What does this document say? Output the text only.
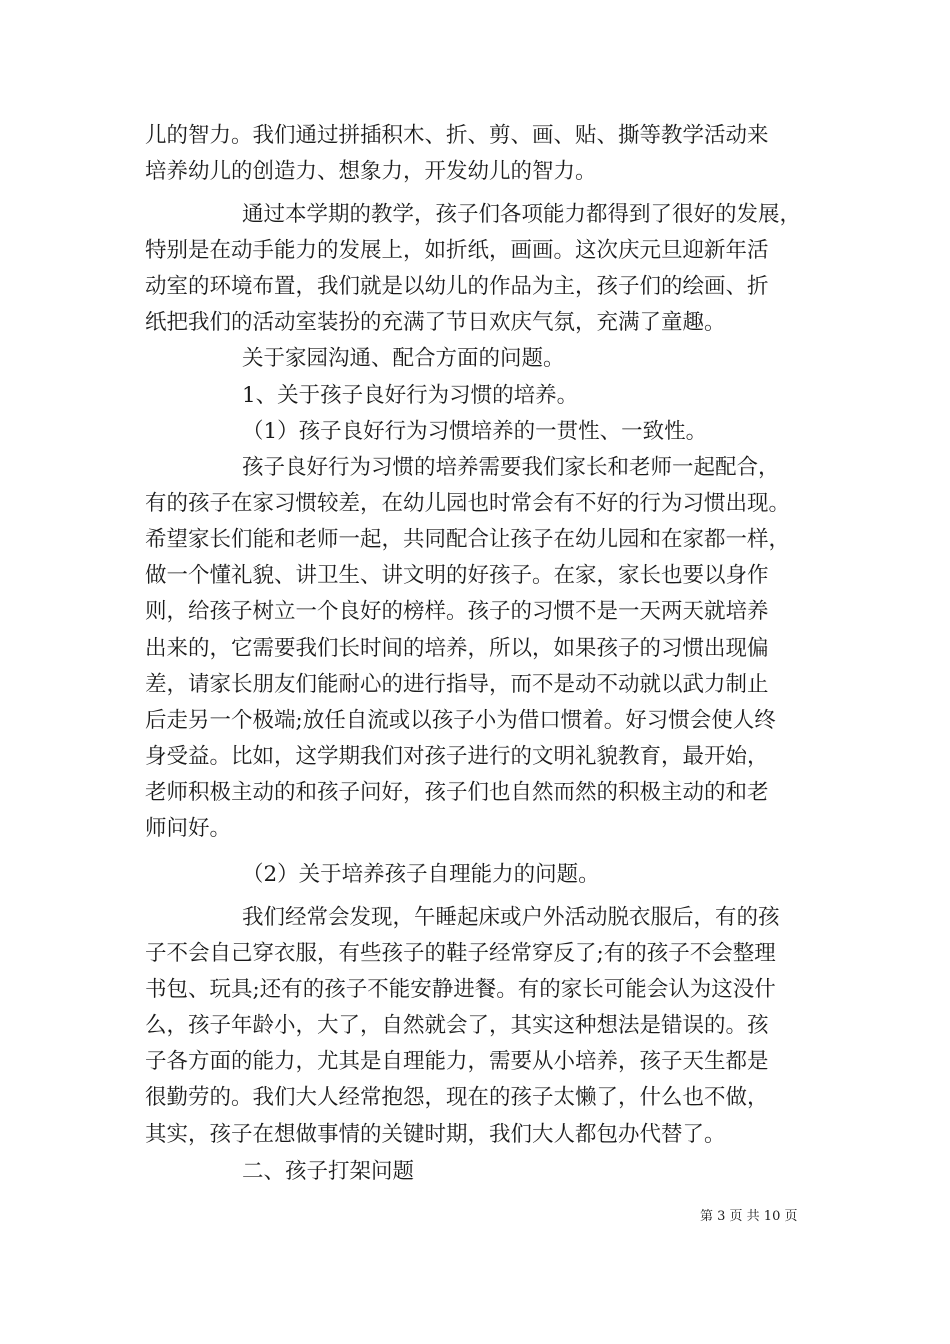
儿的智力。我们通过拼插积木、折、剪、画、贴、撕等教学活动来
培养幼儿的创造力、想象力，开发幼儿的智力。
通过本学期的教学，孩子们各项能力都得到了很好的发展，
特别是在动手能力的发展上，如折纸，画画。这次庆元旦迎新年活
动室的环境布置，我们就是以幼儿的作品为主，孩子们的绘画、折
纸把我们的活动室装扮的充满了节日欢庆气氛，充满了童趣。
关于家园沟通、配合方面的问题。
1、关于孩子良好行为习惯的培养。
（1）孩子良好行为习惯培养的一贯性、一致性。
孩子良好行为习惯的培养需要我们家长和老师一起配合，
有的孩子在家习惯较差，在幼儿园也时常会有不好的行为习惯出现。
希望家长们能和老师一起，共同配合让孩子在幼儿园和在家都一样，
做一个懂礼貌、讲卫生、讲文明的好孩子。在家，家长也要以身作
则，给孩子树立一个良好的榜样。孩子的习惯不是一天两天就培养
出来的，它需要我们长时间的培养，所以，如果孩子的习惯出现偏
差，请家长朋友们能耐心的进行指导，而不是动不动就以武力制止
后走另一个极端;放任自流或以孩子小为借口惯着。好习惯会使人终
身受益。比如，这学期我们对孩子进行的文明礼貌教育，最开始，
老师积极主动的和孩子问好，孩子们也自然而然的积极主动的和老
师问好。
（2）关于培养孩子自理能力的问题。
我们经常会发现，午睡起床或户外活动脱衣服后，有的孩
子不会自己穿衣服，有些孩子的鞋子经常穿反了;有的孩子不会整理
书包、玩具;还有的孩子不能安静进餐。有的家长可能会认为这没什
么，孩子年龄小，大了，自然就会了，其实这种想法是错误的。孩
子各方面的能力，尤其是自理能力，需要从小培养，孩子天生都是
很勤劳的。我们大人经常抱怨，现在的孩子太懒了，什么也不做，
其实，孩子在想做事情的关键时期，我们大人都包办代替了。
二、孩子打架问题
第 3 页 共 10 页
